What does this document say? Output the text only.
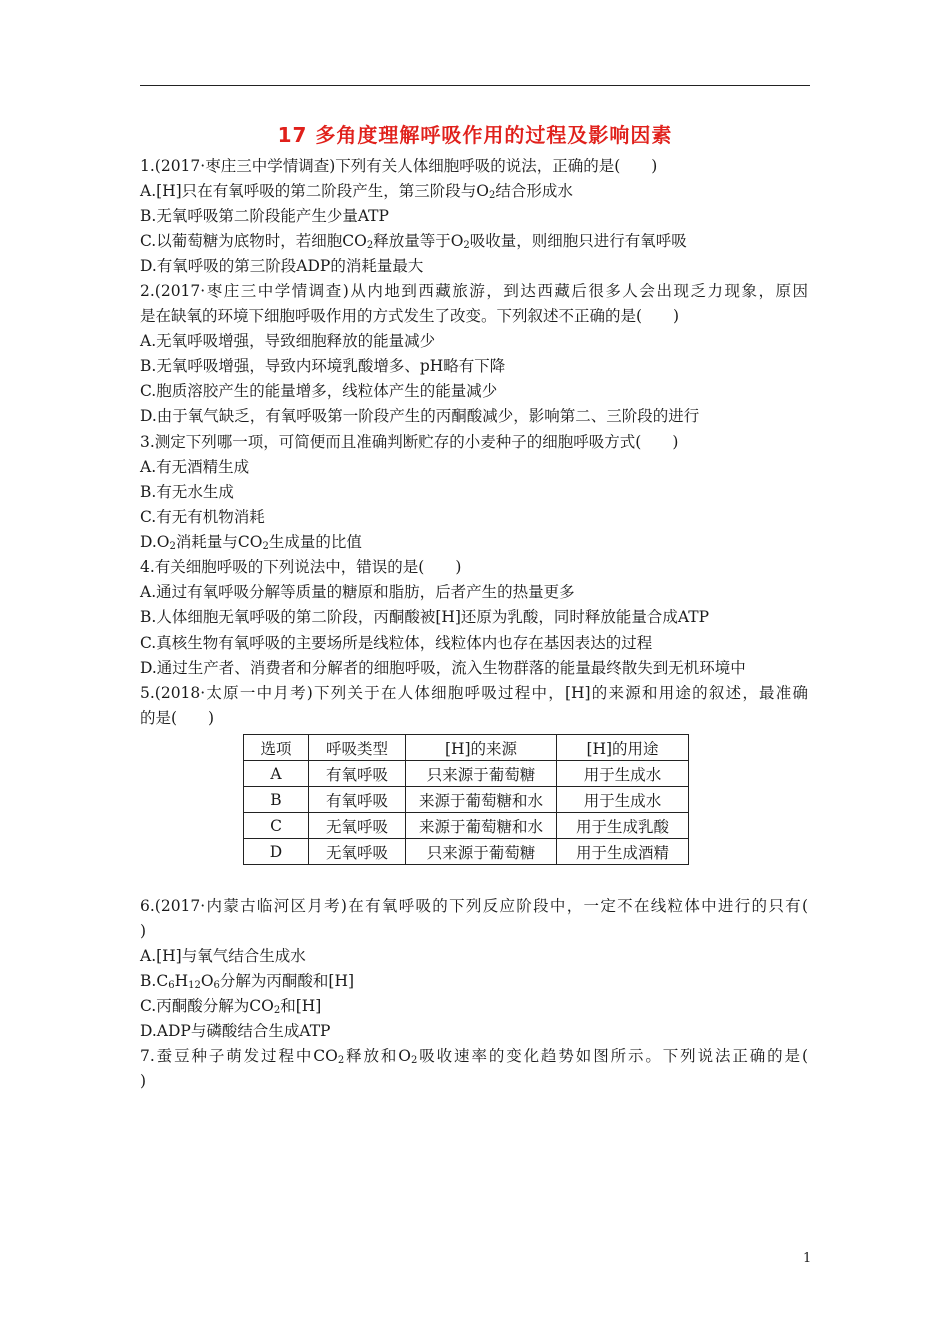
17 多角度理解呼吸作用的过程及影响因素
1.(2017·枣庄三中学情调查)下列有关人体细胞呼吸的说法，正确的是(　　)
A.[H]只在有氧呼吸的第二阶段产生，第三阶段与$O_2$结合形成水
B.无氧呼吸第二阶段能产生少量ATP
C.以葡萄糖为底物时，若细胞$CO_2$释放量等于$O_2$吸收量，则细胞只进行有氧呼吸
D.有氧呼吸的第三阶段ADP的消耗量最大
2.(2017·枣庄三中学情调查)从内地到西藏旅游，到达西藏后很多人会出现乏力现象，原因
是在缺氧的环境下细胞呼吸作用的方式发生了改变。下列叙述不正确的是(　　)
A.无氧呼吸增强，导致细胞释放的能量减少
B.无氧呼吸增强，导致内环境乳酸增多、pH略有下降
C.胞质溶胶产生的能量增多，线粒体产生的能量减少
D.由于氧气缺乏，有氧呼吸第一阶段产生的丙酮酸减少，影响第二、三阶段的进行
3.测定下列哪一项，可简便而且准确判断贮存的小麦种子的细胞呼吸方式(　　)
A.有无酒精生成
B.有无水生成
C.有无有机物消耗
$D.O_2$消耗量与$CO_2$生成量的比值
4.有关细胞呼吸的下列说法中，错误的是(　　)
A.通过有氧呼吸分解等质量的糖原和脂肪，后者产生的热量更多
B.人体细胞无氧呼吸的第二阶段，丙酮酸被[H]还原为乳酸，同时释放能量合成ATP
C.真核生物有氧呼吸的主要场所是线粒体，线粒体内也存在基因表达的过程
D.通过生产者、消费者和分解者的细胞呼吸，流入生物群落的能量最终散失到无机环境中
5.(2018·太原一中月考)下列关于在人体细胞呼吸过程中，[H]的来源和用途的叙述，最准确
的是(　　)
选项	呼吸类型	[H]的来源	[H]的用途
A	有氧呼吸	只来源于葡萄糖	用于生成水
B	有氧呼吸	来源于葡萄糖和水	用于生成水
C	无氧呼吸	来源于葡萄糖和水	用于生成乳酸
D	无氧呼吸	只来源于葡萄糖	用于生成酒精
6.(2017·内蒙古临河区月考)在有氧呼吸的下列反应阶段中，一定不在线粒体中进行的只有(
)
A.[H]与氧气结合生成水
$B.C_6H_{12}O_6$分解为丙酮酸和[H]
C.丙酮酸分解为$CO_2$和[H]
D.ADP与磷酸结合生成ATP
7.蚕豆种子萌发过程中$CO_2$释放和$O_2$吸收速率的变化趋势如图所示。下列说法正确的是(
)
1
